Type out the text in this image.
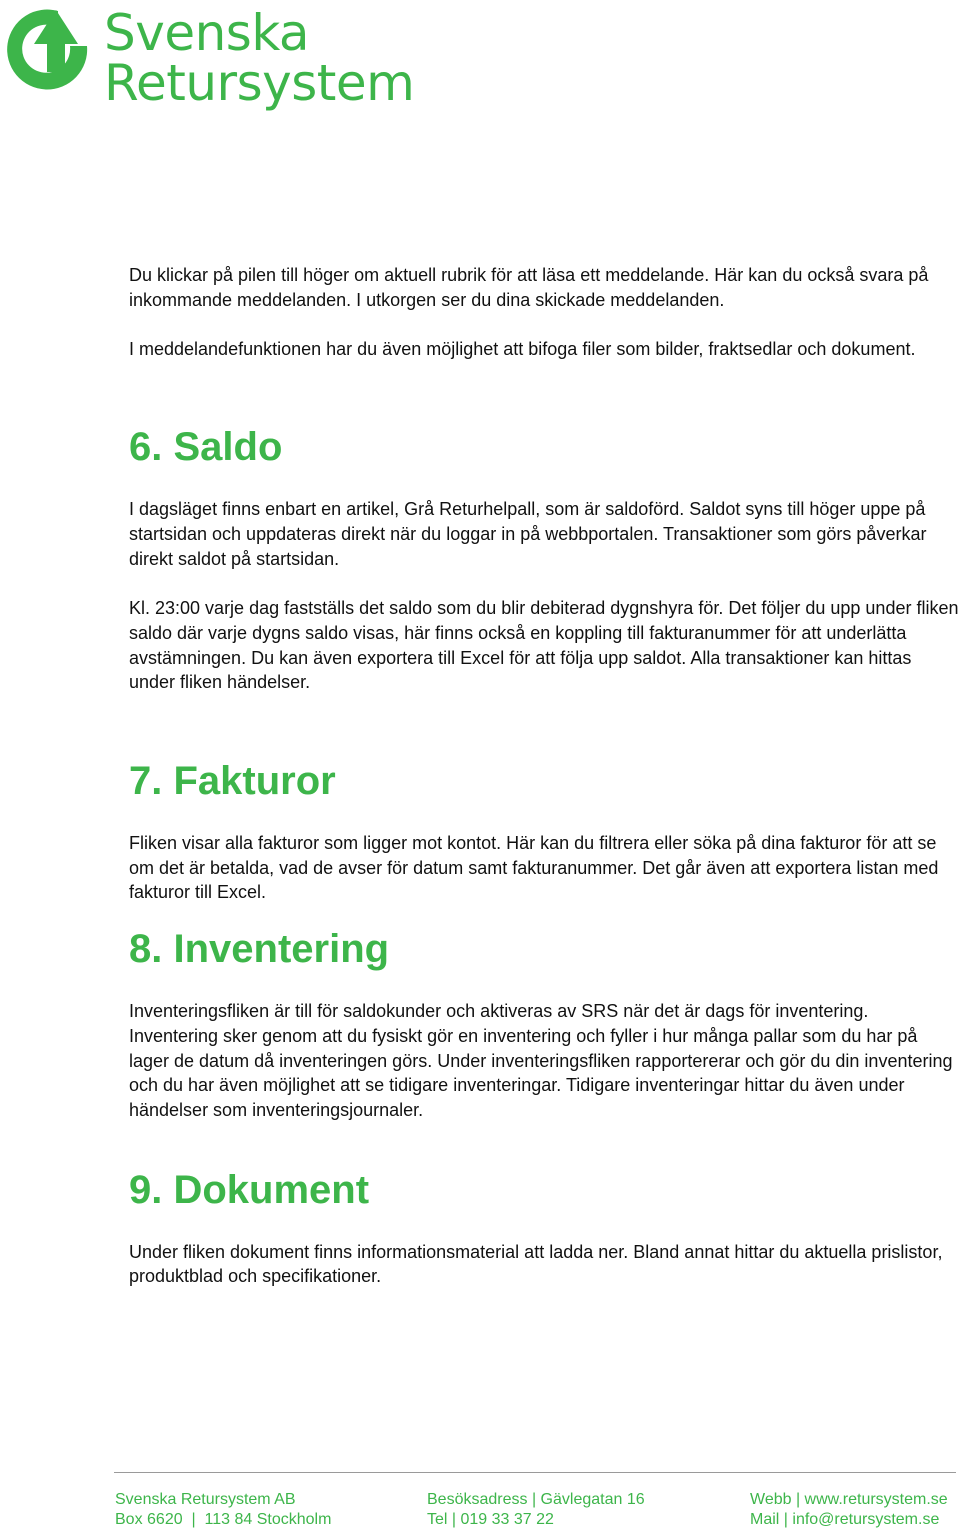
Svenska
Retursystem

Du klickar på pilen till höger om aktuell rubrik för att läsa ett meddelande. Här kan du också svara på inkommande meddelanden. I utkorgen ser du dina skickade meddelanden.

I meddelandefunktionen har du även möjlighet att bifoga filer som bilder, fraktsedlar och dokument.

6. Saldo

I dagsläget finns enbart en artikel, Grå Returhelpall, som är saldoförd. Saldot syns till höger uppe på startsidan och uppdateras direkt när du loggar in på webbportalen. Transaktioner som görs påverkar direkt saldot på startsidan.

Kl. 23:00 varje dag fastställs det saldo som du blir debiterad dygnshyra för. Det följer du upp under fliken saldo där varje dygns saldo visas, här finns också en koppling till fakturanummer för att underlätta avstämningen. Du kan även exportera till Excel för att följa upp saldot. Alla transaktioner kan hittas under fliken händelser.

7. Fakturor

Fliken visar alla fakturor som ligger mot kontot. Här kan du filtrera eller söka på dina fakturor för att se om det är betalda, vad de avser för datum samt fakturanummer. Det går även att exportera listan med fakturor till Excel.

8. Inventering

Inventeringsfliken är till för saldokunder och aktiveras av SRS när det är dags för inventering. Inventering sker genom att du fysiskt gör en inventering och fyller i hur många pallar som du har på lager de datum då inventeringen görs. Under inventeringsfliken rapportererar och gör du din inventering och du har även möjlighet att se tidigare inventeringar. Tidigare inventeringar hittar du även under händelser som inventeringsjournaler.

9. Dokument

Under fliken dokument finns informationsmaterial att ladda ner. Bland annat hittar du aktuella prislistor, produktblad och specifikationer.

Svenska Retursystem AB
Box 6620  |  113 84 Stockholm
Besöksadress | Gävlegatan 16
Tel | 019 33 37 22
Webb | www.retursystem.se
Mail | info@retursystem.se
